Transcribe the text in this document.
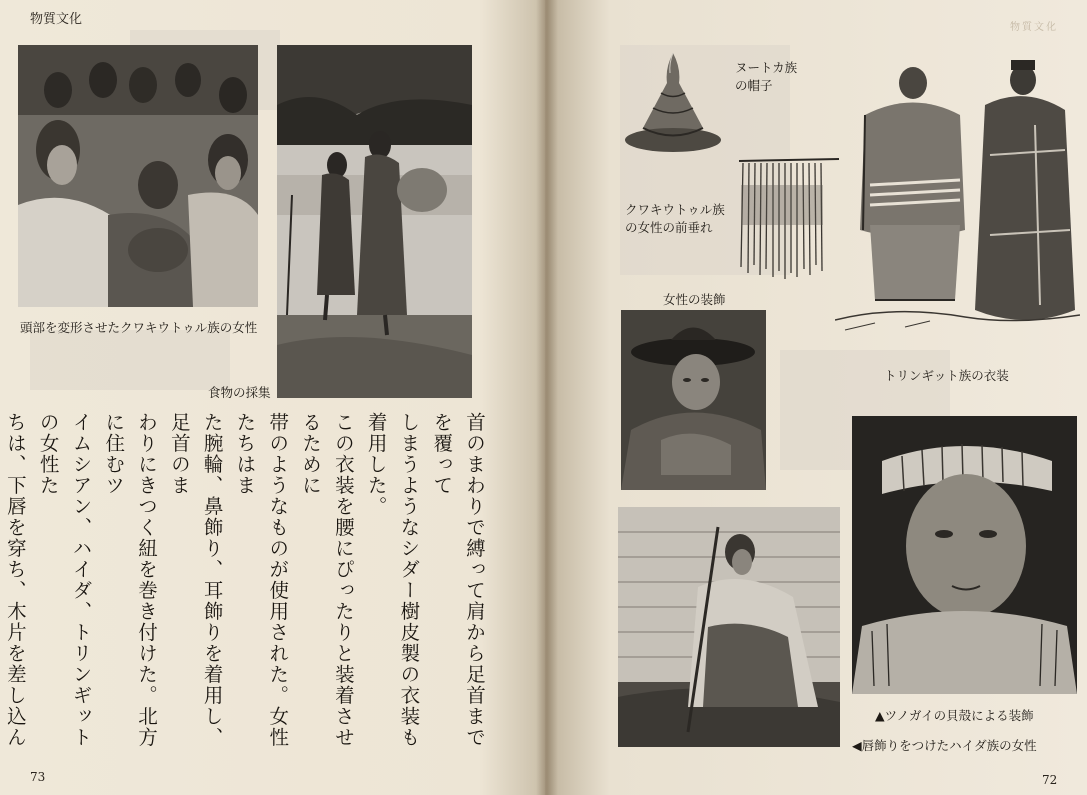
物質文化
頭部を変形させたクワキウトゥル族の女性
食物の採集
首のまわりで縛って肩から足首までを覆って
しまうようなシダー樹皮製の衣装も着用した。
この衣装を腰にぴったりと装着させるために
帯のようなものが使用された。女性たちはま
た腕輪、鼻飾り、耳飾りを着用し、足首のま
わりにきつく紐を巻き付けた。北方に住むツ
イムシアン、ハイダ、トリンギットの女性た
ちは、下唇を穿ち、木片を差し込ん

73
物質文化
ヌートカ族
の帽子
クワキウトゥル族
の女性の前垂れ
トリンギット族の衣装
女性の装飾
▲ツノガイの貝殻による装飾
◀唇飾りをつけたハイダ族の女性
72
